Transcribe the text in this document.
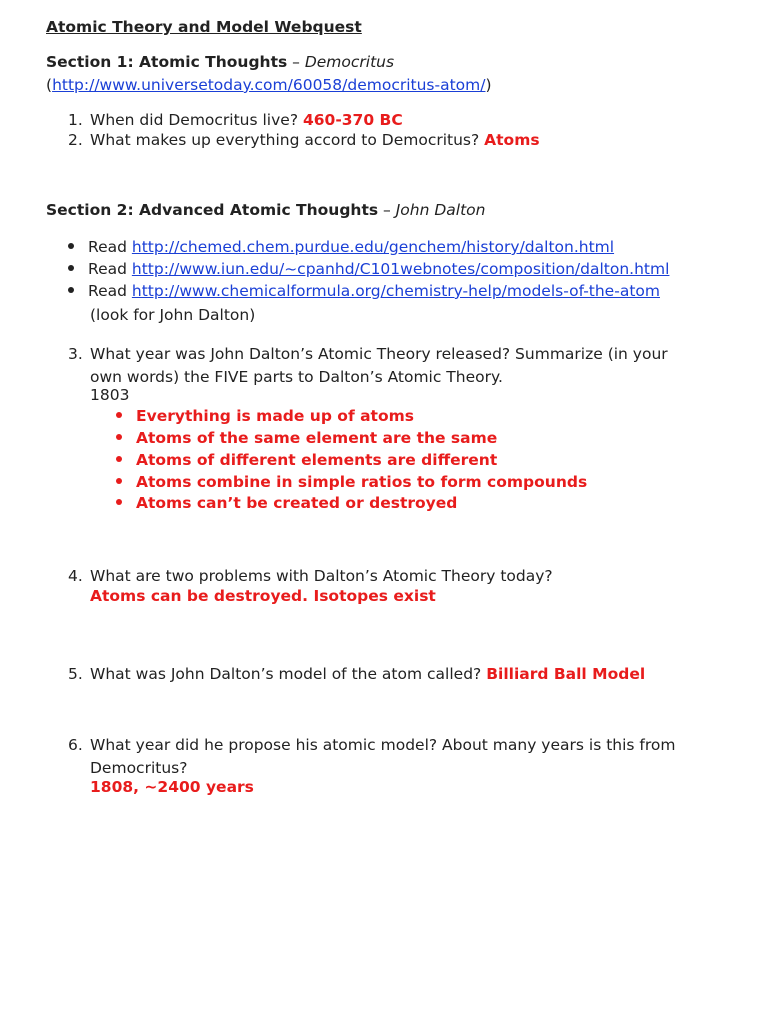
Atomic Theory and Model Webquest
Section 1: Atomic Thoughts – Democritus
(http://www.universetoday.com/60058/democritus-atom/)
1. When did Democritus live? 460-370 BC
2. What makes up everything accord to Democritus? Atoms
Section 2: Advanced Atomic Thoughts – John Dalton
Read http://chemed.chem.purdue.edu/genchem/history/dalton.html
Read http://www.iun.edu/~cpanhd/C101webnotes/composition/dalton.html
Read http://www.chemicalformula.org/chemistry-help/models-of-the-atom
(look for John Dalton)
3. What year was John Dalton’s Atomic Theory released? Summarize (in your
own words) the FIVE parts to Dalton’s Atomic Theory.
1803
Everything is made up of atoms
Atoms of the same element are the same
Atoms of different elements are different
Atoms combine in simple ratios to form compounds
Atoms can’t be created or destroyed
4. What are two problems with Dalton’s Atomic Theory today?
Atoms can be destroyed. Isotopes exist
5. What was John Dalton’s model of the atom called? Billiard Ball Model
6. What year did he propose his atomic model? About many years is this from
Democritus?
1808, ~2400 years
